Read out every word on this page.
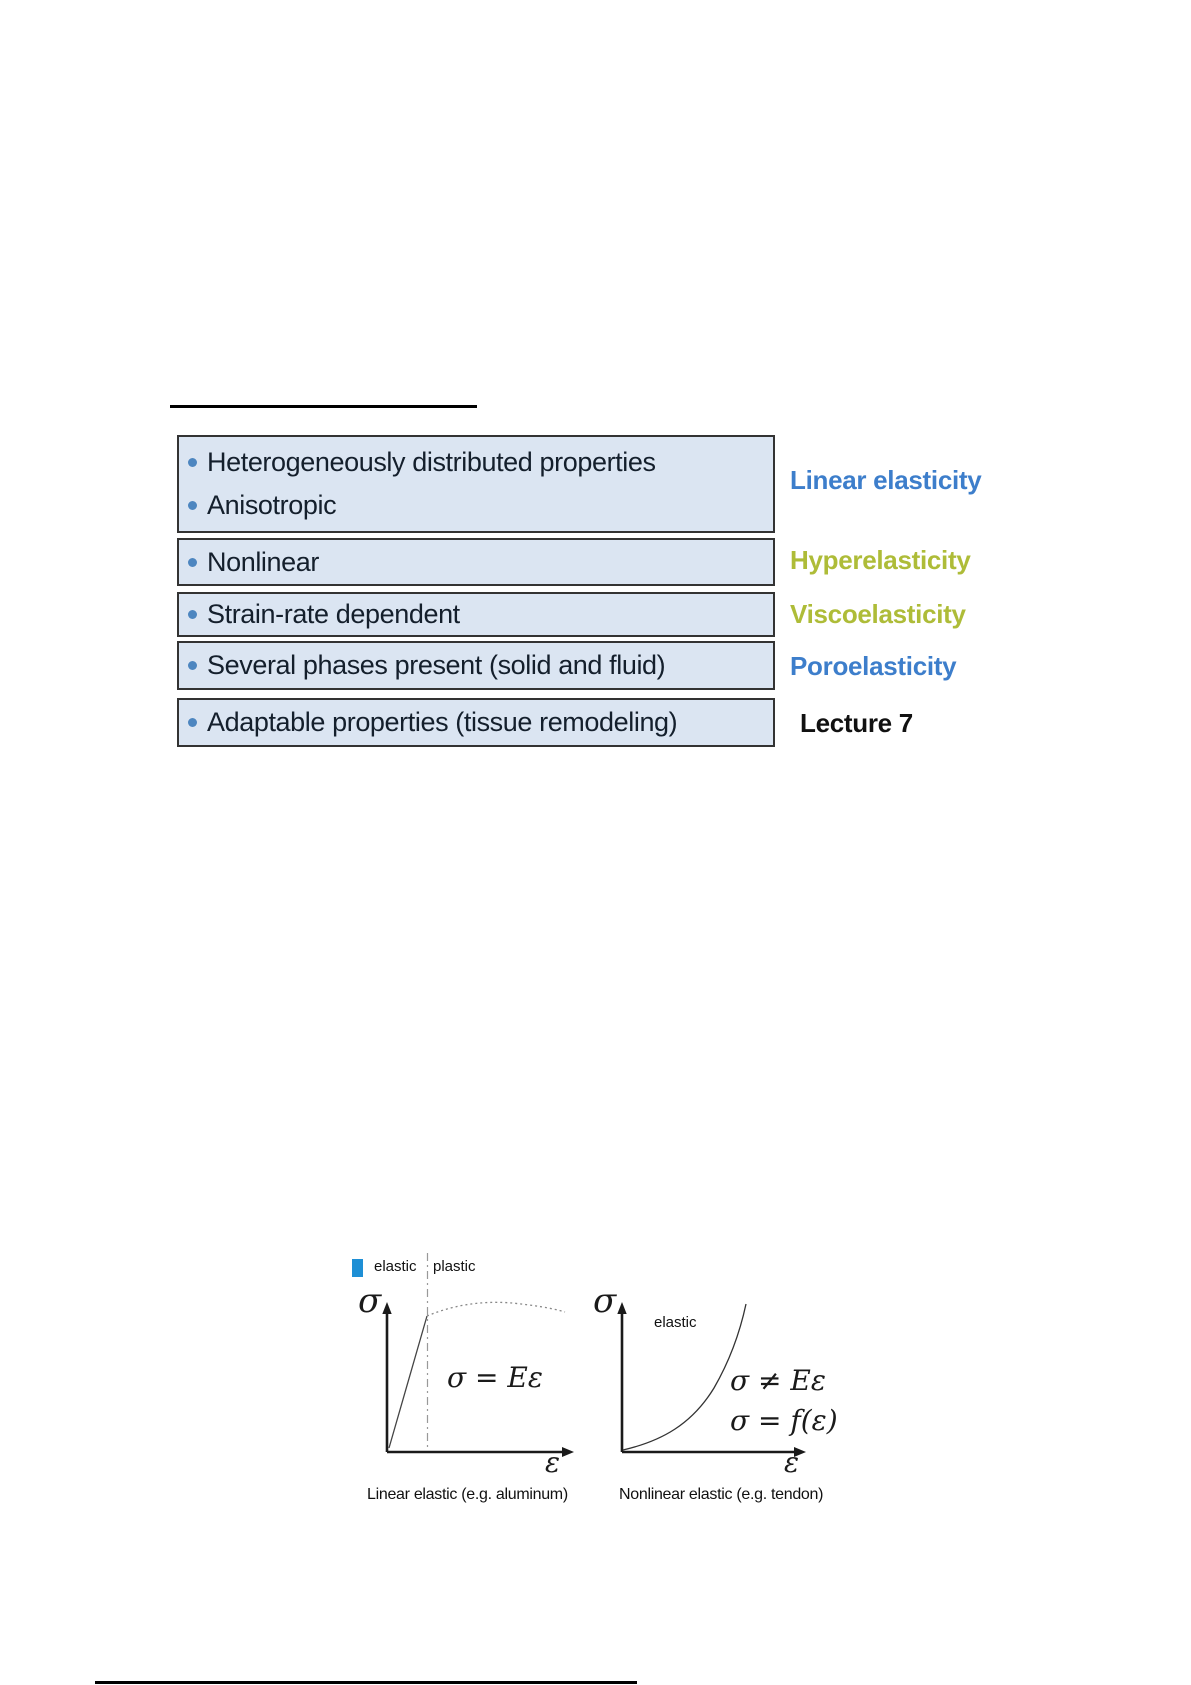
Heterogeneously distributed properties
Anisotropic
Nonlinear
Strain-rate dependent
Several phases present (solid and fluid)
Adaptable properties (tissue remodeling)
Linear elasticity
Hyperelasticity
Viscoelasticity
Poroelasticity
Lecture 7
elastic plastic
σ
σ = Eε
ε
Linear elastic (e.g. aluminum)
σ
elastic
σ ≠ Eε
σ = f(ε)
ε
Nonlinear elastic (e.g. tendon)
